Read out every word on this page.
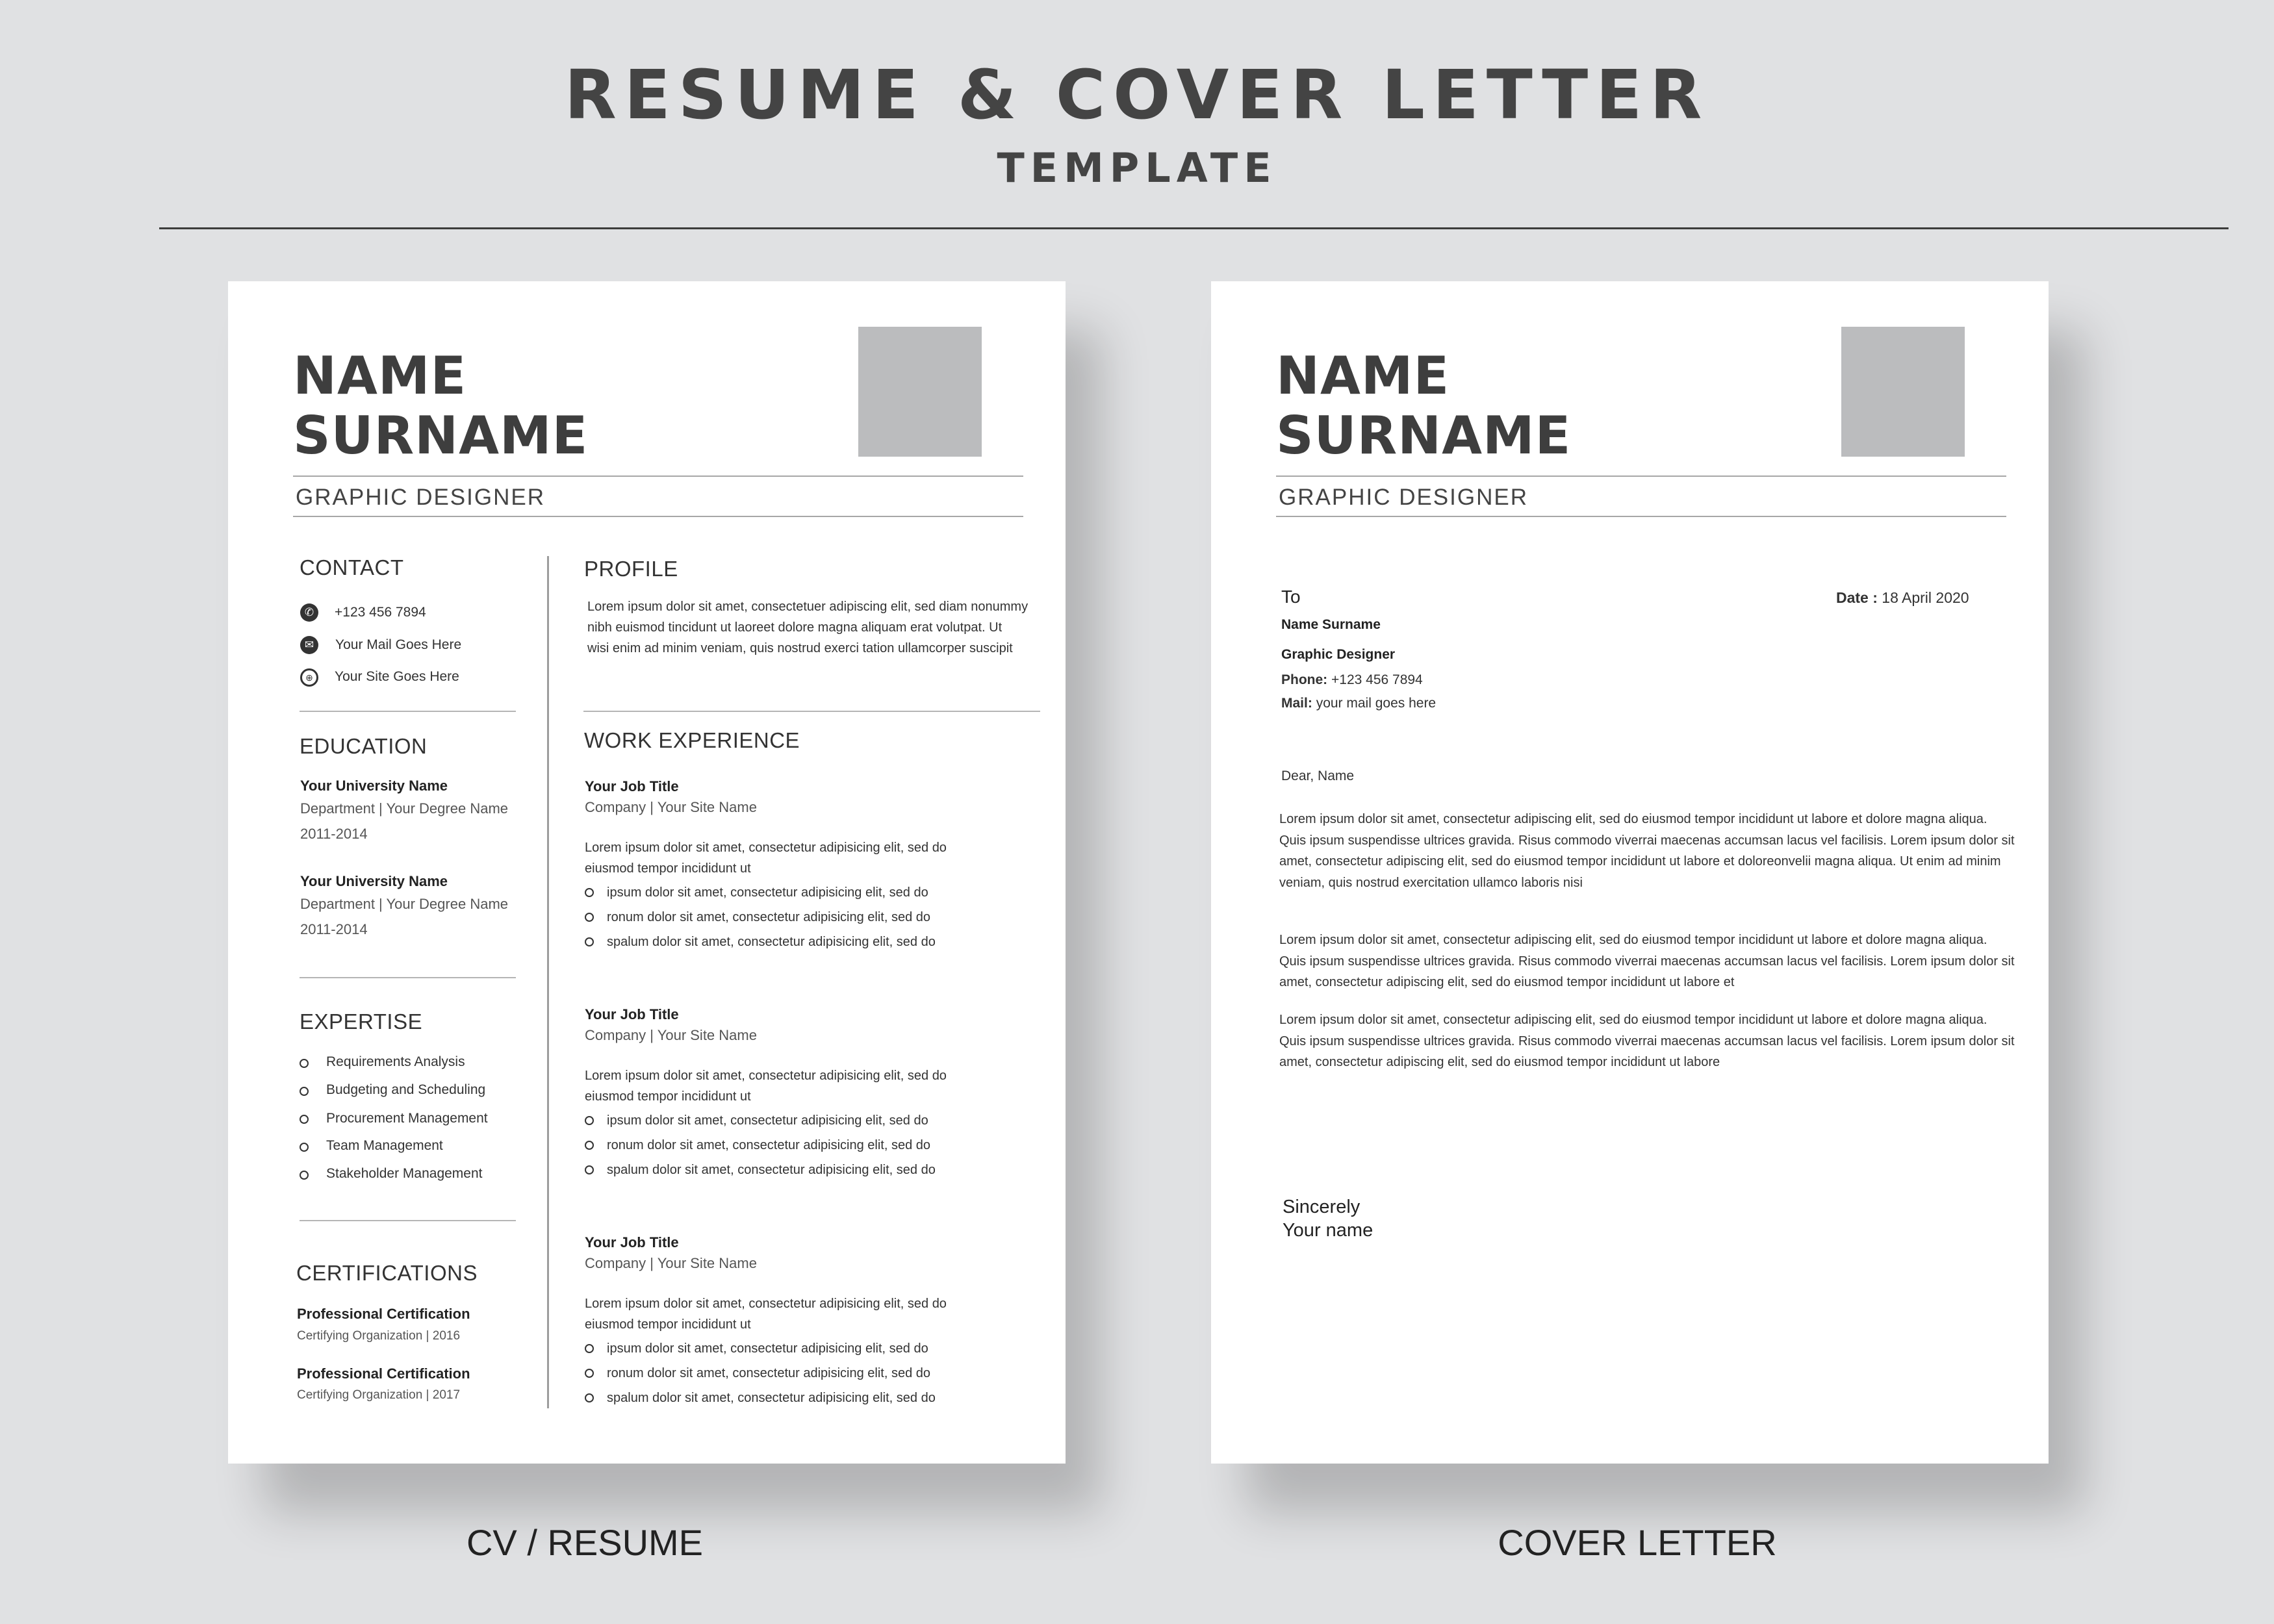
RESUME & COVER LETTER
TEMPLATE
NAME
SURNAME
GRAPHIC DESIGNER
CONTACT
✆	+123 456 7894
✉	Your Mail Goes Here
⊕	Your Site Goes Here
EDUCATION
Your University Name
Department | Your Degree Name
2011-2014
Your University Name
Department | Your Degree Name
2011-2014
EXPERTISE
Requirements Analysis
Budgeting and Scheduling
Procurement Management
Team Management
Stakeholder Management
CERTIFICATIONS
Professional Certification
Certifying Organization | 2016
Professional Certification
Certifying Organization | 2017
PROFILE
Lorem ipsum dolor sit amet, consectetuer adipiscing elit, sed diam nonummy
nibh euismod tincidunt ut laoreet dolore magna aliquam erat volutpat. Ut
wisi enim ad minim veniam, quis nostrud exerci tation ullamcorper suscipit
WORK EXPERIENCE
Your Job Title
Company | Your Site Name
Lorem ipsum dolor sit amet, consectetur adipisicing elit, sed do
eiusmod tempor incididunt ut
ipsum dolor sit amet, consectetur adipisicing elit, sed do
ronum dolor sit amet, consectetur adipisicing elit, sed do
spalum dolor sit amet, consectetur adipisicing elit, sed do
Your Job Title
Company | Your Site Name
Lorem ipsum dolor sit amet, consectetur adipisicing elit, sed do
eiusmod tempor incididunt ut
ipsum dolor sit amet, consectetur adipisicing elit, sed do
ronum dolor sit amet, consectetur adipisicing elit, sed do
spalum dolor sit amet, consectetur adipisicing elit, sed do
Your Job Title
Company | Your Site Name
Lorem ipsum dolor sit amet, consectetur adipisicing elit, sed do
eiusmod tempor incididunt ut
ipsum dolor sit amet, consectetur adipisicing elit, sed do
ronum dolor sit amet, consectetur adipisicing elit, sed do
spalum dolor sit amet, consectetur adipisicing elit, sed do
NAME
SURNAME
GRAPHIC DESIGNER
To
Name Surname
Graphic Designer
Phone: +123 456 7894
Mail: your mail goes here
Date : 18 April 2020
Dear, Name
Lorem ipsum dolor sit amet, consectetur adipiscing elit, sed do eiusmod tempor incididunt ut labore et dolore magna aliqua.
Quis ipsum suspendisse ultrices gravida. Risus commodo viverrai maecenas accumsan lacus vel facilisis. Lorem ipsum dolor sit
amet, consectetur adipiscing elit, sed do eiusmod tempor incididunt ut labore et doloreonvelii magna aliqua. Ut enim ad minim
veniam, quis nostrud exercitation ullamco laboris nisi
Lorem ipsum dolor sit amet, consectetur adipiscing elit, sed do eiusmod tempor incididunt ut labore et dolore magna aliqua.
Quis ipsum suspendisse ultrices gravida. Risus commodo viverrai maecenas accumsan lacus vel facilisis. Lorem ipsum dolor sit
amet, consectetur adipiscing elit, sed do eiusmod tempor incididunt ut labore et
Lorem ipsum dolor sit amet, consectetur adipiscing elit, sed do eiusmod tempor incididunt ut labore et dolore magna aliqua.
Quis ipsum suspendisse ultrices gravida. Risus commodo viverrai maecenas accumsan lacus vel facilisis. Lorem ipsum dolor sit
amet, consectetur adipiscing elit, sed do eiusmod tempor incididunt ut labore
Sincerely
Your name
CV / RESUME	COVER LETTER
